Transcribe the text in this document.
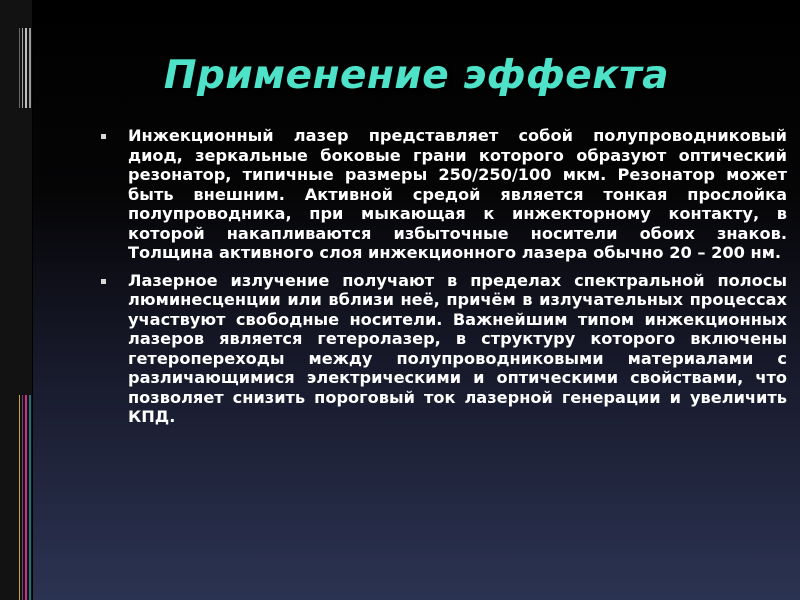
Применение эффекта
Инжекционный лазер представляет собой полупроводниковый диод, зеркальные боковые грани которого образуют оптический резонатор, типичные размеры 250/250/100 мкм. Резонатор может быть внешним. Активной средой является тонкая прослойка полупроводника, при мыкающая к инжекторному контакту, в которой накапливаются избыточные носители обоих знаков. Толщина активного слоя инжекционного лазера обычно 20 – 200 нм.
Лазерное излучение получают в пределах спектральной полосы люминесценции или вблизи неё, причём в излучательных процессах участвуют свободные носители. Важнейшим типом инжекционных лазеров является гетеролазер, в структуру которого включены гетеропереходы между полупроводниковыми материалами с различающимися электрическими и оптическими свойствами, что позволяет снизить пороговый ток лазерной генерации и увеличить КПД.
